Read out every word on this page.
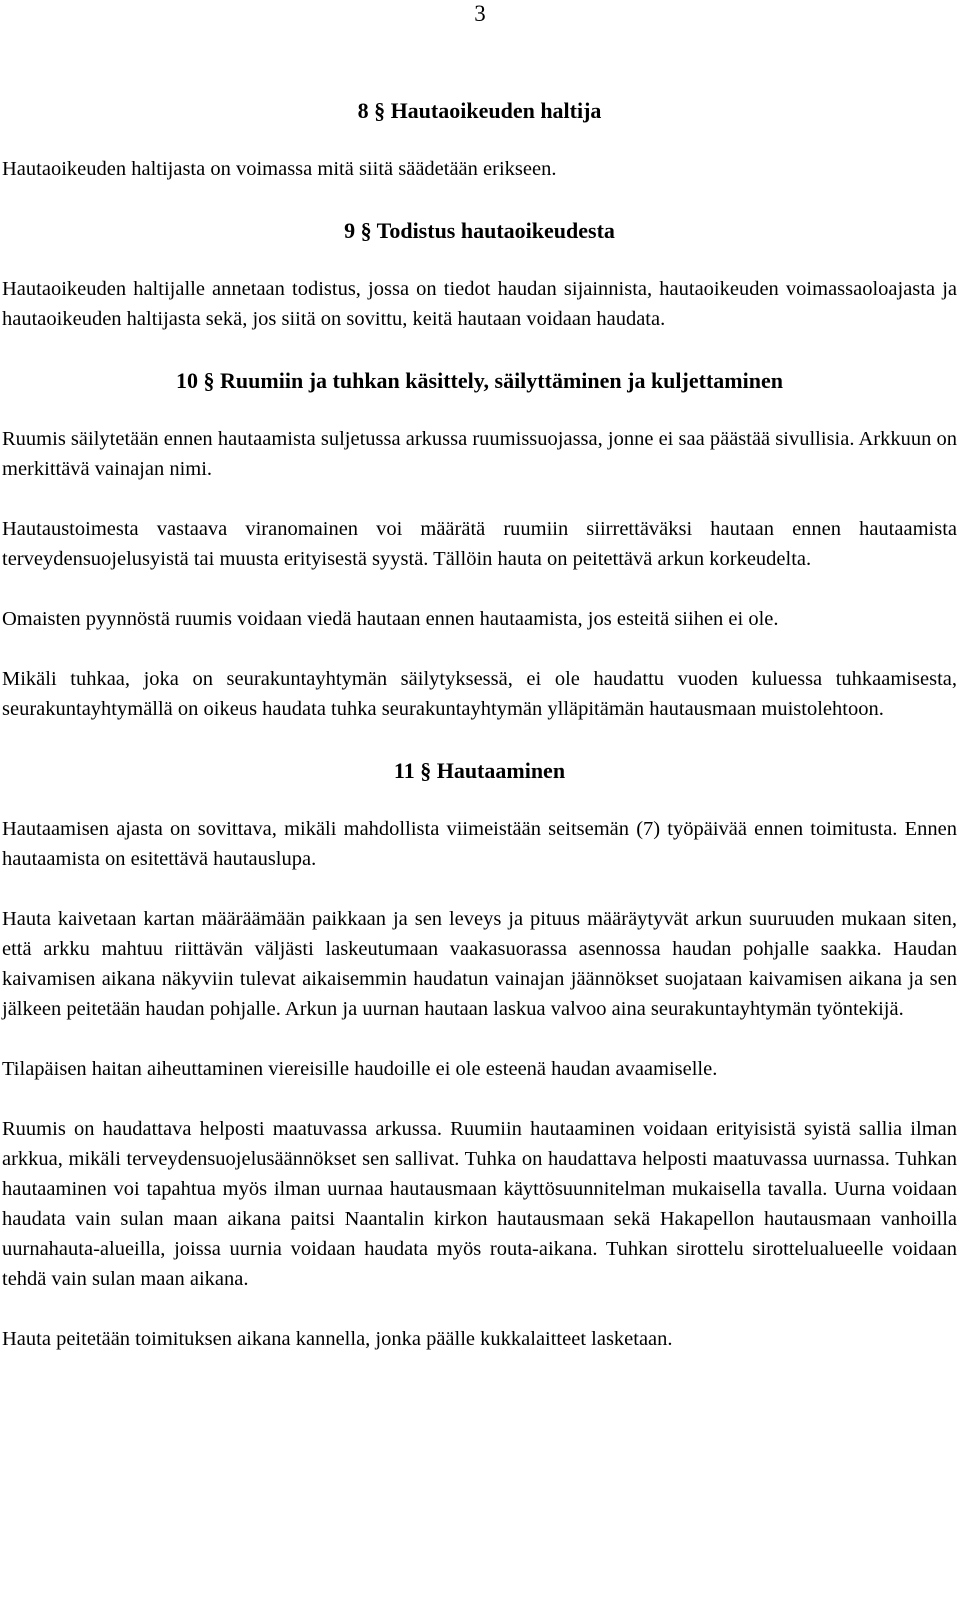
3
8 § Hautaoikeuden haltija

Hautaoikeuden haltijasta on voimassa mitä siitä säädetään erikseen.

9 § Todistus hautaoikeudesta

Hautaoikeuden haltijalle annetaan todistus, jossa on tiedot haudan sijainnista, hautaoikeuden voimassaoloajasta ja hautaoikeuden haltijasta sekä, jos siitä on sovittu, keitä hautaan voidaan haudata.

10 § Ruumiin ja tuhkan käsittely, säilyttäminen ja kuljettaminen

Ruumis säilytetään ennen hautaamista suljetussa arkussa ruumissuojassa, jonne ei saa päästää sivullisia. Arkkuun on merkittävä vainajan nimi.

Hautaustoimesta vastaava viranomainen voi määrätä ruumiin siirrettäväksi hautaan ennen hautaamista terveydensuojelusyistä tai muusta erityisestä syystä. Tällöin hauta on peitettävä arkun korkeudelta.

Omaisten pyynnöstä ruumis voidaan viedä hautaan ennen hautaamista, jos esteitä siihen ei ole.

Mikäli tuhkaa, joka on seurakuntayhtymän säilytyksessä, ei ole haudattu vuoden kuluessa tuhkaamisesta, seurakuntayhtymällä on oikeus haudata tuhka seurakuntayhtymän ylläpitämän hautausmaan muistolehtoon.

11 § Hautaaminen

Hautaamisen ajasta on sovittava, mikäli mahdollista viimeistään seitsemän (7) työpäivää ennen toimitusta. Ennen hautaamista on esitettävä hautauslupa.

Hauta kaivetaan kartan määräämään paikkaan ja sen leveys ja pituus määräytyvät arkun suuruuden mukaan siten, että arkku mahtuu riittävän väljästi laskeutumaan vaakasuorassa asennossa haudan pohjalle saakka. Haudan kaivamisen aikana näkyviin tulevat aikaisemmin haudatun vainajan jäännökset suojataan kaivamisen aikana ja sen jälkeen peitetään haudan pohjalle. Arkun ja uurnan hautaan laskua valvoo aina seurakuntayhtymän työntekijä.

Tilapäisen haitan aiheuttaminen viereisille haudoille ei ole esteenä haudan avaamiselle.

Ruumis on haudattava helposti maatuvassa arkussa. Ruumiin hautaaminen voidaan erityisistä syistä sallia ilman arkkua, mikäli terveydensuojelusäännökset sen sallivat. Tuhka on haudattava helposti maatuvassa uurnassa. Tuhkan hautaaminen voi tapahtua myös ilman uurnaa hautausmaan käyttösuunnitelman mukaisella tavalla. Uurna voidaan haudata vain sulan maan aikana paitsi Naantalin kirkon hautausmaan sekä Hakapellon hautausmaan vanhoilla uurnahauta-alueilla, joissa uurnia voidaan haudata myös routa-aikana. Tuhkan sirottelu sirottelualueelle voidaan tehdä vain sulan maan aikana.

Hauta peitetään toimituksen aikana kannella, jonka päälle kukkalaitteet lasketaan.
